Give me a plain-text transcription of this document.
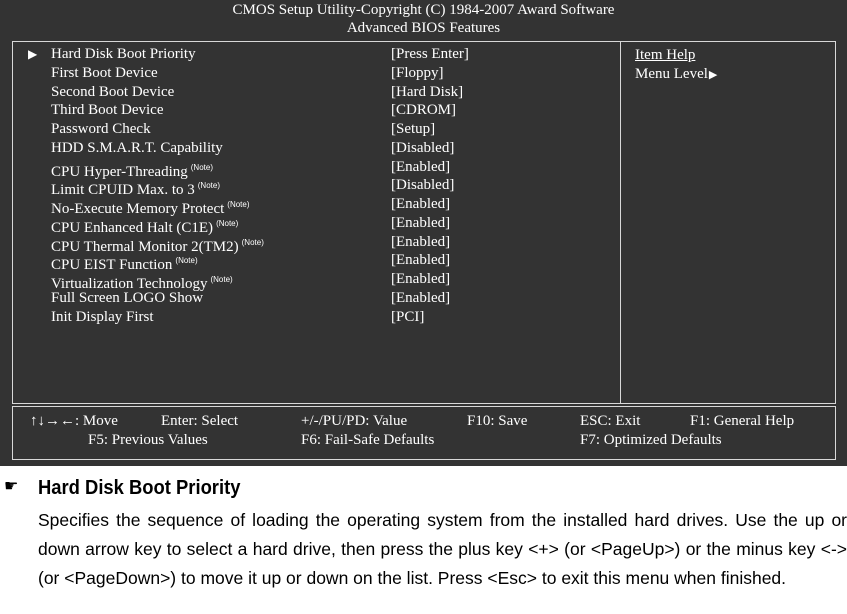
CMOS Setup Utility-Copyright (C) 1984-2007 Award Software
Advanced BIOS Features
▶ Hard Disk Boot Priority	[Press Enter]
First Boot Device	[Floppy]
Second Boot Device	[Hard Disk]
Third Boot Device	[CDROM]
Password Check	[Setup]
HDD S.M.A.R.T. Capability	[Disabled]
CPU Hyper-Threading $^{(Note)}$	[Enabled]
Limit CPUID Max. to 3 $^{(Note)}$	[Disabled]
No-Execute Memory Protect $^{(Note)}$	[Enabled]
CPU Enhanced Halt (C1E) $^{(Note)}$	[Enabled]
CPU Thermal Monitor 2(TM2) $^{(Note)}$	[Enabled]
CPU EIST Function $^{(Note)}$	[Enabled]
Virtualization Technology $^{(Note)}$	[Enabled]
Full Screen LOGO Show	[Enabled]
Init Display First	[PCI]
Item Help
Menu Level▶
↑↓→←: Move	Enter: Select	+/-/PU/PD: Value	F10: Save	ESC: Exit	F1: General Help
F5: Previous Values	F6: Fail-Safe Defaults	F7: Optimized Defaults
☛ Hard Disk Boot Priority
Specifies the sequence of loading the operating system from the installed hard drives. Use the up or down arrow key to select a hard drive, then press the plus key <+> (or <PageUp>) or the minus key <-> (or <PageDown>) to move it up or down on the list. Press <Esc> to exit this menu when finished.
